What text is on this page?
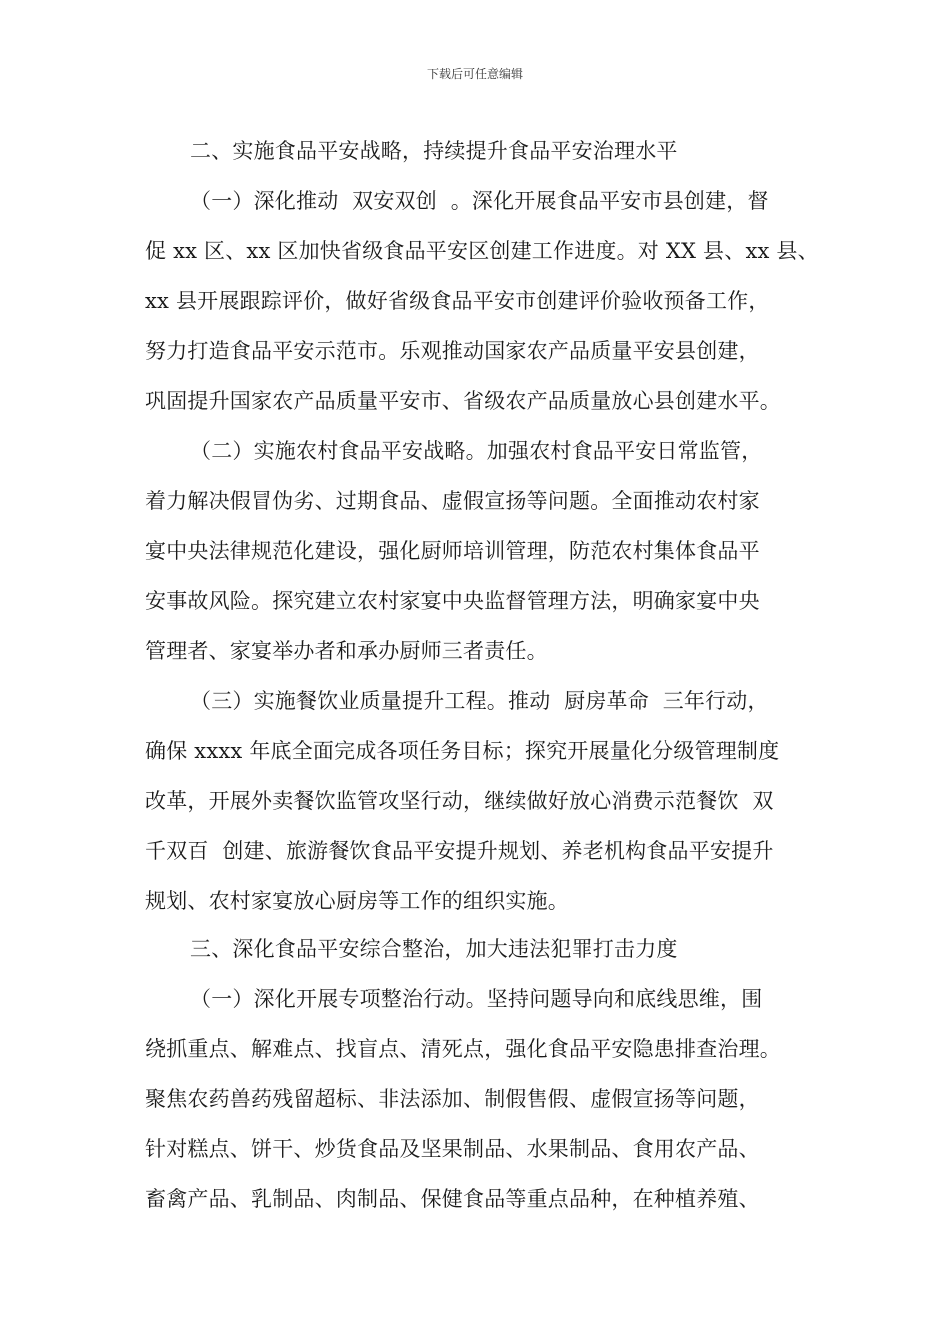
下载后可任意编辑
二、实施食品平安战略，持续提升食品平安治理水平
（一）深化推动  双安双创  。深化开展食品平安市县创建，督
促 xx 区、xx 区加快省级食品平安区创建工作进度。对 XX 县、xx 县、
xx 县开展跟踪评价，做好省级食品平安市创建评价验收预备工作，
努力打造食品平安示范市。乐观推动国家农产品质量平安县创建，
巩固提升国家农产品质量平安市、省级农产品质量放心县创建水平。
（二）实施农村食品平安战略。加强农村食品平安日常监管，
着力解决假冒伪劣、过期食品、虚假宣扬等问题。全面推动农村家
宴中央法律规范化建设，强化厨师培训管理，防范农村集体食品平
安事故风险。探究建立农村家宴中央监督管理方法，明确家宴中央
管理者、家宴举办者和承办厨师三者责任。
（三）实施餐饮业质量提升工程。推动  厨房革命  三年行动，
确保 xxxx 年底全面完成各项任务目标；探究开展量化分级管理制度
改革，开展外卖餐饮监管攻坚行动，继续做好放心消费示范餐饮  双
千双百  创建、旅游餐饮食品平安提升规划、养老机构食品平安提升
规划、农村家宴放心厨房等工作的组织实施。
三、深化食品平安综合整治，加大违法犯罪打击力度
（一）深化开展专项整治行动。坚持问题导向和底线思维，围
绕抓重点、解难点、找盲点、清死点，强化食品平安隐患排查治理。
聚焦农药兽药残留超标、非法添加、制假售假、虚假宣扬等问题，
针对糕点、饼干、炒货食品及坚果制品、水果制品、食用农产品、
畜禽产品、乳制品、肉制品、保健食品等重点品种，在种植养殖、
